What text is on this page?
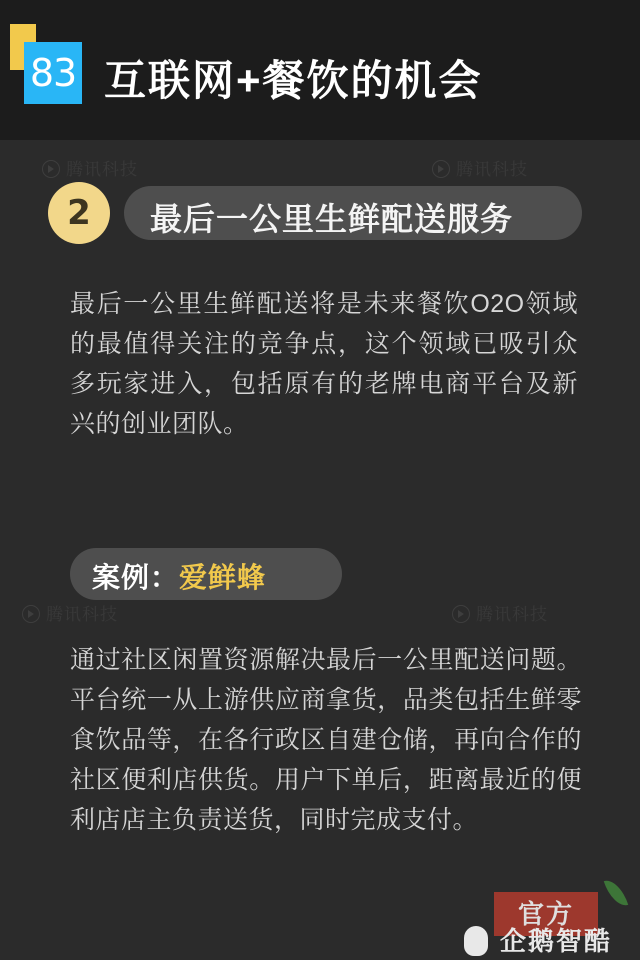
腾讯科技	腾讯科技
腾讯科技	腾讯科技
83 互联网+餐饮的机会
2	最后一公里生鲜配送服务
最后一公里生鲜配送将是未来餐饮O2O领域的最值得关注的竞争点，这个领域已吸引众多玩家进入，包括原有的老牌电商平台及新兴的创业团队。
案例：爱鲜蜂
通过社区闲置资源解决最后一公里配送问题。平台统一从上游供应商拿货，品类包括生鲜零食饮品等，在各行政区自建仓储，再向合作的社区便利店供货。用户下单后，距离最近的便利店店主负责送货，同时完成支付。
官方
企鹅智酷
